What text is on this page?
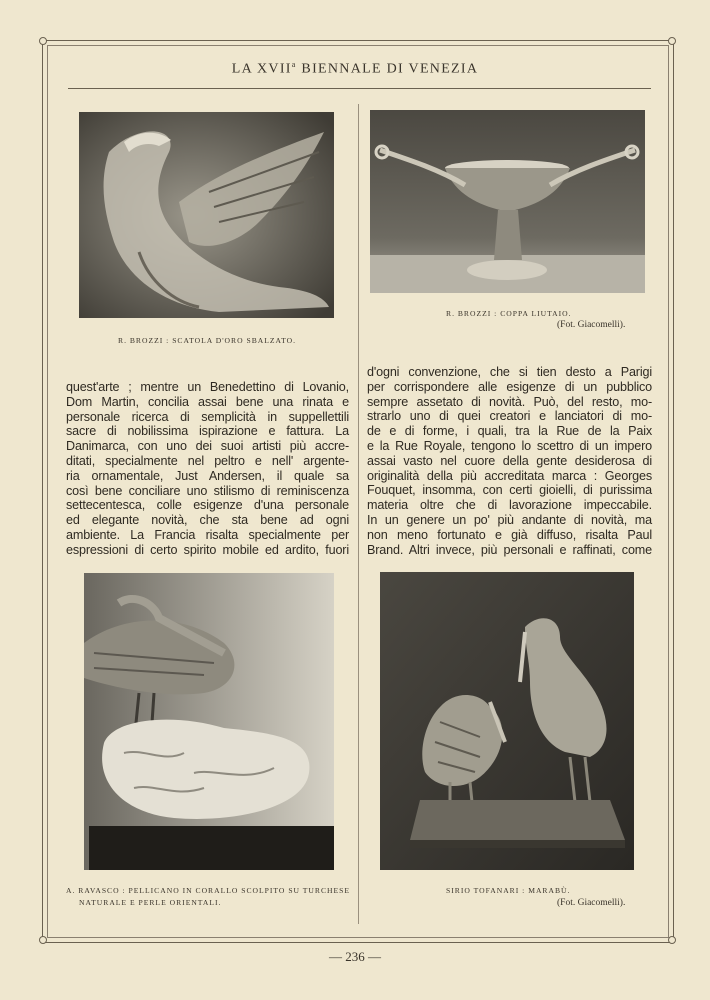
LA XVII$^a$ BIENNALE DI VENEZIA
R. BROZZI : SCATOLA D'ORO SBALZATO.
R. BROZZI : COPPA LIUTAIO.
(Fot. Giacomelli).
quest'arte ; mentre un Benedettino di Lovanio,
Dom Martin, concilia assai bene una rinata e
personale ricerca di semplicità in suppellettili
sacre di nobilissima ispirazione e fattura. La
Danimarca, con uno dei suoi artisti più accre-
ditati, specialmente nel peltro e nell' argente-
ria ornamentale, Just Andersen, il quale sa
così bene conciliare uno stilismo di reminiscenza
settecentesca, colle esigenze d'una personale
ed elegante novità, che sta bene ad ogni
ambiente. La Francia risalta specialmente per
espressioni di certo spirito mobile ed ardito, fuori
d'ogni convenzione, che si tien desto a Parigi
per corrispondere alle esigenze di un pubblico
sempre assetato di novità. Può, del resto, mo-
strarlo uno di quei creatori e lanciatori di mo-
de e di forme, i quali, tra la Rue de la Paix
e la Rue Royale, tengono lo scettro di un impero
assai vasto nel cuore della gente desiderosa di
originalità della più accreditata marca : Georges
Fouquet, insomma, con certi gioielli, di purissima
materia oltre che di lavorazione impeccabile.
In un genere un po' più andante di novità, ma
non meno fortunato e già diffuso, risalta Paul
Brand. Altri invece, più personali e raffinati, come
A. RAVASCO : PELLICANO IN CORALLO SCOLPITO SU TURCHESE
NATURALE E PERLE ORIENTALI.
SIRIO TOFANARI : MARABÙ.
(Fot. Giacomelli).
— 236 —
